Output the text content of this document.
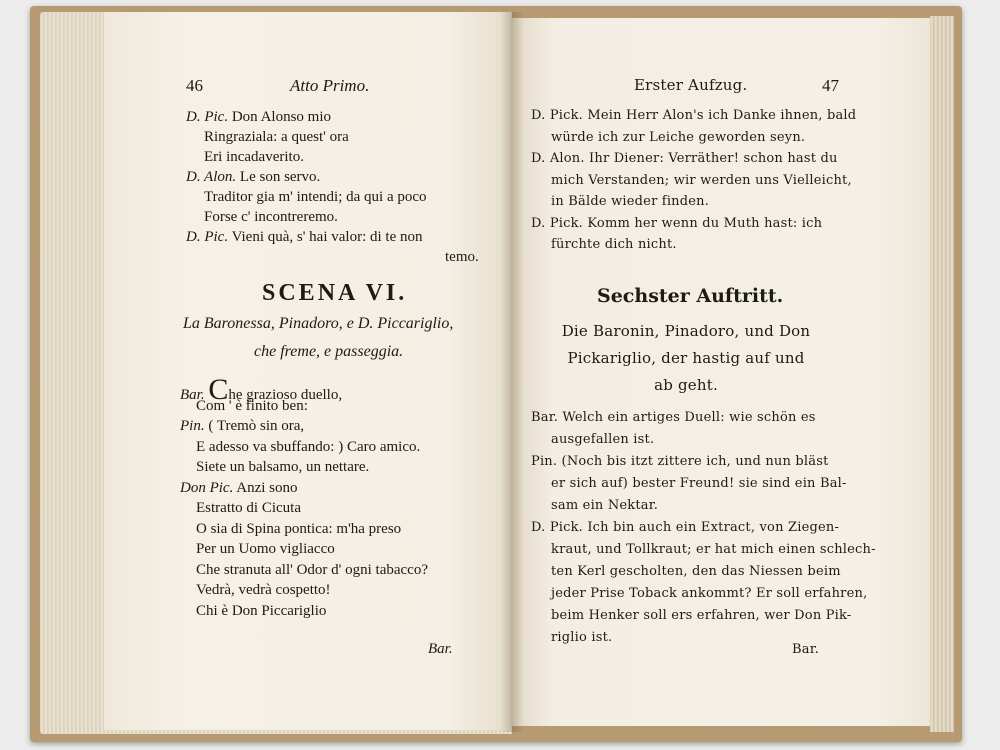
46	Atto Primo.
D. Pic. Don Alonso mio
Ringraziala: a quest' ora
Eri incadaverito.
D. Alon. Le son servo.
Traditor gia m' intendi; da qui a poco
Forse c' incontreremo.
D. Pic. Vieni quà, s' hai valor: di te non
temo.
SCENA VI.
La Baronessa, Pinadoro, e D. Piccariglio,
che freme, e passeggia.
Bar. Che grazioso duello,
Com ' è finito ben:
Pin. ( Tremò sin ora,
E adesso va sbuffando: ) Caro amico.
Siete un balsamo, un nettare.
Don Pic. Anzi sono
Estratto di Cicuta
O sia di Spina pontica: m'ha preso
Per un Uomo vigliacco
Che stranuta all' Odor d' ogni tabacco?
Vedrà, vedrà cospetto!
Chi è Don Piccariglio
Bar.
Erster Aufzug.	47
D. Pick. Mein Herr Alon's ich Danke ihnen, bald
würde ich zur Leiche geworden seyn.
D. Alon. Ihr Diener: Verräther! schon hast du
mich Verstanden; wir werden uns Vielleicht,
in Bälde wieder finden.
D. Pick. Komm her wenn du Muth hast: ich
fürchte dich nicht.
Sechster Auftritt.
Die Baronin, Pinadoro, und Don
Pickariglio, der hastig auf und
ab geht.
Bar. Welch ein artiges Duell: wie schön es
ausgefallen ist.
Pin. (Noch bis itzt zittere ich, und nun bläst
er sich auf) bester Freund! sie sind ein Bal-
sam ein Nektar.
D. Pick. Ich bin auch ein Extract, von Ziegen-
kraut, und Tollkraut; er hat mich einen schlech-
ten Kerl gescholten, den das Niessen beim
jeder Prise Toback ankommt? Er soll erfahren,
beim Henker soll ers erfahren, wer Don Pik-
riglio ist.
Bar.
